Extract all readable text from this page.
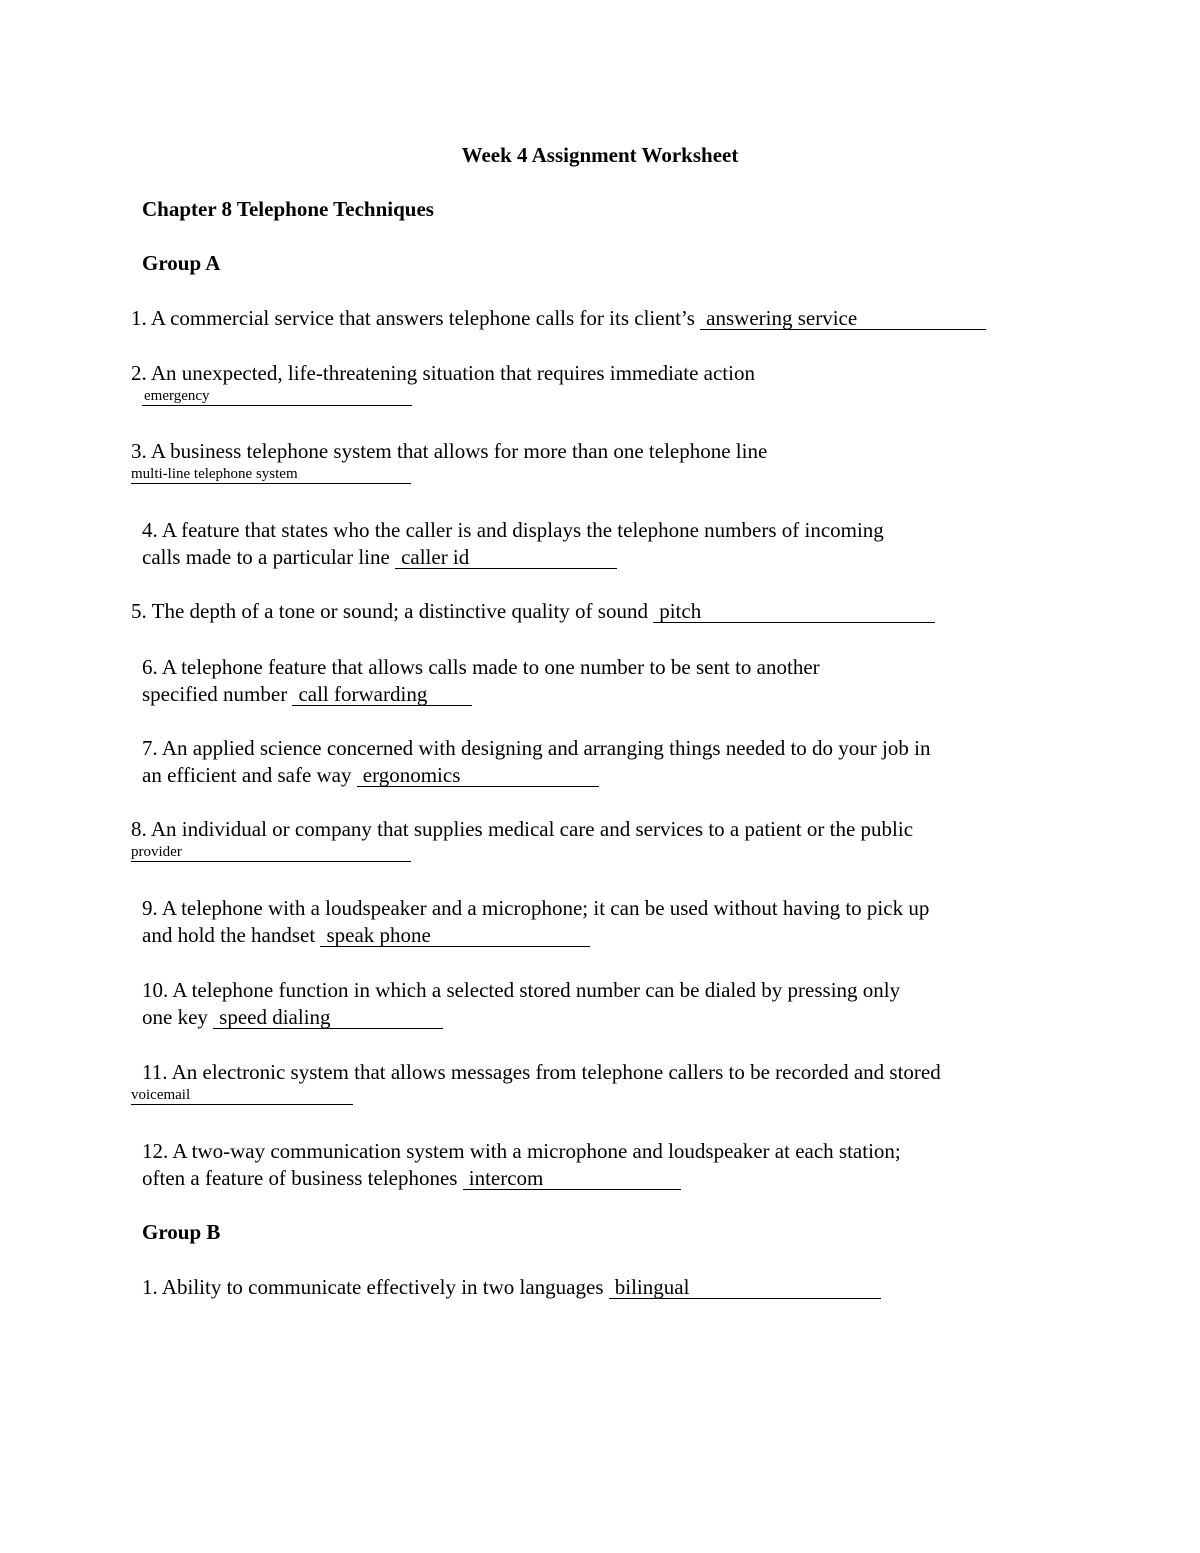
Week 4 Assignment Worksheet
Chapter 8 Telephone Techniques
Group A
1. A commercial service that answers telephone calls for its client’s answering service
2. An unexpected, life-threatening situation that requires immediate action
emergency
3. A business telephone system that allows for more than one telephone line
multi-line telephone system
4. A feature that states who the caller is and displays the telephone numbers of incoming
calls made to a particular line caller id
5. The depth of a tone or sound; a distinctive quality of sound pitch
6. A telephone feature that allows calls made to one number to be sent to another
specified number call forwarding
7. An applied science concerned with designing and arranging things needed to do your job in
an efficient and safe way ergonomics
8. An individual or company that supplies medical care and services to a patient or the public
provider
9. A telephone with a loudspeaker and a microphone; it can be used without having to pick up
and hold the handset speak phone
10. A telephone function in which a selected stored number can be dialed by pressing only
one key speed dialing
11. An electronic system that allows messages from telephone callers to be recorded and stored
voicemail
12. A two-way communication system with a microphone and loudspeaker at each station;
often a feature of business telephones intercom
Group B
1. Ability to communicate effectively in two languages bilingual
